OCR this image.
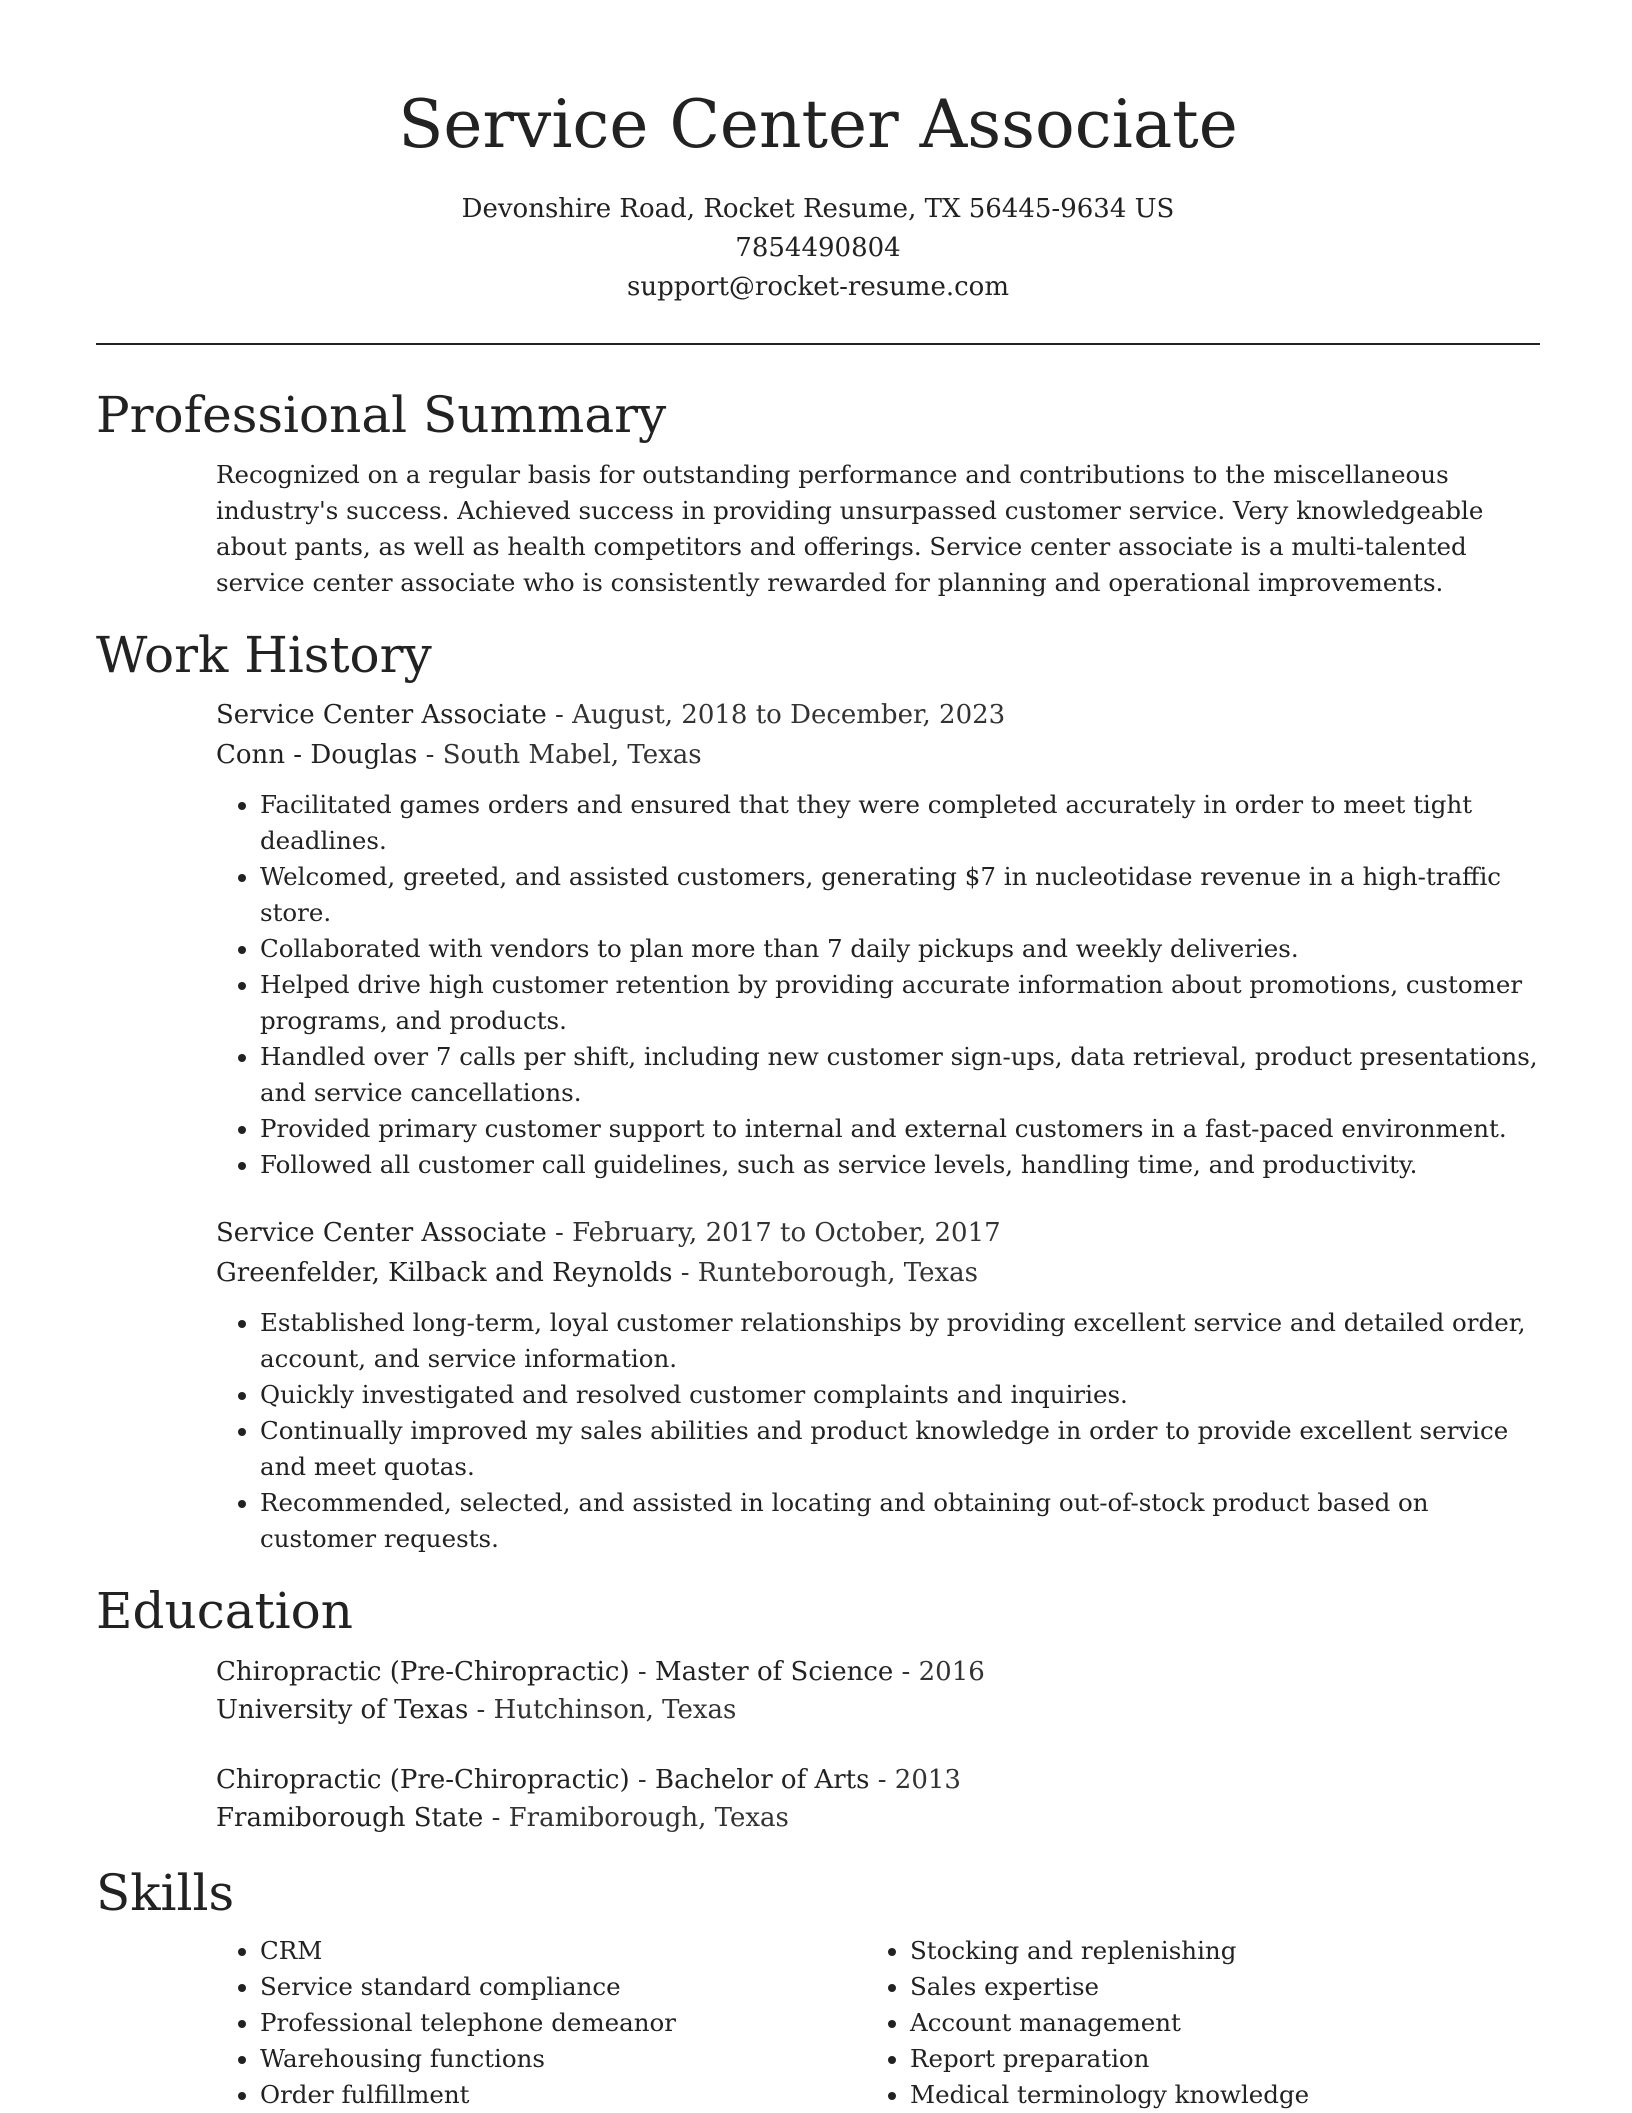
Service Center Associate
Devonshire Road, Rocket Resume, TX 56445-9634 US
7854490804
support@rocket-resume.com
Professional Summary
Recognized on a regular basis for outstanding performance and contributions to the miscellaneous industry's success. Achieved success in providing unsurpassed customer service. Very knowledgeable about pants, as well as health competitors and offerings. Service center associate is a multi-talented service center associate who is consistently rewarded for planning and operational improvements.
Work History
Service Center Associate - August, 2018 to December, 2023
Conn - Douglas - South Mabel, Texas
• Facilitated games orders and ensured that they were completed accurately in order to meet tight deadlines.
• Welcomed, greeted, and assisted customers, generating $7 in nucleotidase revenue in a high-traffic store.
• Collaborated with vendors to plan more than 7 daily pickups and weekly deliveries.
• Helped drive high customer retention by providing accurate information about promotions, customer programs, and products.
• Handled over 7 calls per shift, including new customer sign-ups, data retrieval, product presentations, and service cancellations.
• Provided primary customer support to internal and external customers in a fast-paced environment.
• Followed all customer call guidelines, such as service levels, handling time, and productivity.
Service Center Associate - February, 2017 to October, 2017
Greenfelder, Kilback and Reynolds - Runteborough, Texas
• Established long-term, loyal customer relationships by providing excellent service and detailed order, account, and service information.
• Quickly investigated and resolved customer complaints and inquiries.
• Continually improved my sales abilities and product knowledge in order to provide excellent service and meet quotas.
• Recommended, selected, and assisted in locating and obtaining out-of-stock product based on customer requests.
Education
Chiropractic (Pre-Chiropractic) - Master of Science - 2016
University of Texas - Hutchinson, Texas
Chiropractic (Pre-Chiropractic) - Bachelor of Arts - 2013
Framiborough State - Framiborough, Texas
Skills
• CRM
• Service standard compliance
• Professional telephone demeanor
• Warehousing functions
• Order fulfillment
• Stocking and replenishing
• Sales expertise
• Account management
• Report preparation
• Medical terminology knowledge
